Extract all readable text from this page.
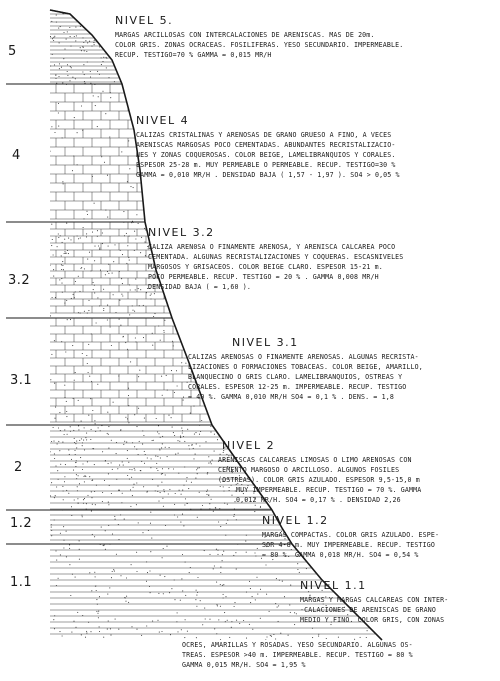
5
4
3.2
3.1
2
1.2
1.1
NIVEL 5.
MARGAS ARCILLOSAS CON INTERCALACIONES DE ARENISCAS. MAS DE 20m.
COLOR GRIS. ZONAS OCRACEAS. FOSILIFERAS. YESO SECUNDARIO. IMPERMEABLE.
RECUP. TESTIGO=70 % GAMMA ≃ 0,015 MR/H
NIVEL 4
CALIZAS CRISTALINAS Y ARENOSAS DE GRANO GRUESO A FINO, A VECES
ARENISCAS MARGOSAS POCO CEMENTADAS. ABUNDANTES RECRISTALIZACIO-
NES Y ZONAS COQUEROSAS. COLOR BEIGE, LAMELIBRANQUIOS Y CORALES.
ESPESOR 25-28 m. MUY PERMEABLE O PERMEABLE. RECUP. TESTIGO=30 %
GAMMA ≃ 0,010 MR/H . DENSIDAD BAJA ( 1,57 - 1,97 ). SO4 > 0,05 %
NIVEL 3.2
CALIZA AREN0SA O FINAMENTE ARENOSA, Y ARENISCA CALCAREA POCO
CEMENTADA. ALGUNAS RECRISTALIZACIONES Y COQUERAS. ESCASNIVELES
MARGOSOS Y GRISACEOS. COLOR BEIGE CLARO. ESPESOR 15-21 m.
POCO PERMEABLE. RECUP. TESTIGO ≃ 20 % . GAMMA 0,008 MR/H
DENSIDAD BAJA ( ≃ 1,60 ).
NIVEL 3.1
CALIZAS ARENOSAS O FINAMENTE ARENOSAS. ALGUNAS RECRISTA-
LIZACIONES O FORMACIONES TOBACEAS. COLOR BEIGE, AMARILLO,
BLANQUECINO O GRIS CLARO. LAMELIBRANQUIOS, OSTREAS Y
CORALES. ESPESOR 12-25 m. IMPERMEABLE. RECUP. TESTIGO
≃ 40 %. GAMMA 0,010 MR/H SO4 ≃ 0,1 % . DENS. ≃ 1,8
NIVEL 2
ARENISCAS CALCAREAS LIMOSAS O LIMO ARENOSAS CON
CEMENTO MARGOSO O ARCILLOSO. ALGUNOS FOSILES
(OSTREAS). COLOR GRIS AZULADO. ESPESOR 9,5-15,0 m
MUY IMPERMEABLE. RECUP. TESTIGO ≃ 70 %. GAMMA
0,012 MR/H. SO4 ≃ 0,17 % . DENSIDAD 2,26
NIVEL 1.2
MARGAS COMPACTAS. COLOR GRIS AZULADO. ESPE-
SOR 4-8 m. MUY IMPERMEABLE. RECUP. TESTIGO
≃ 80 %. GAMMA 0,018 MR/H. SO4 ≃ 0,54 %
NIVEL 1.1
MARGAS Y MARGAS CALCAREAS CON INTER-
-CALACIONES DE ARENISCAS DE GRANO
MEDIO Y FINO. COLOR GRIS, CON ZONAS
OCRES, AMARILLAS Y ROSADAS. YESO SECUNDARIO. ALGUNAS OS-
TREAS. ESPESOR >40 m. IMPERMEABLE. RECUP. TESTIGO ≃ 80 %
GAMMA 0,015 MR/H. SO4 ≃ 1,95 %
